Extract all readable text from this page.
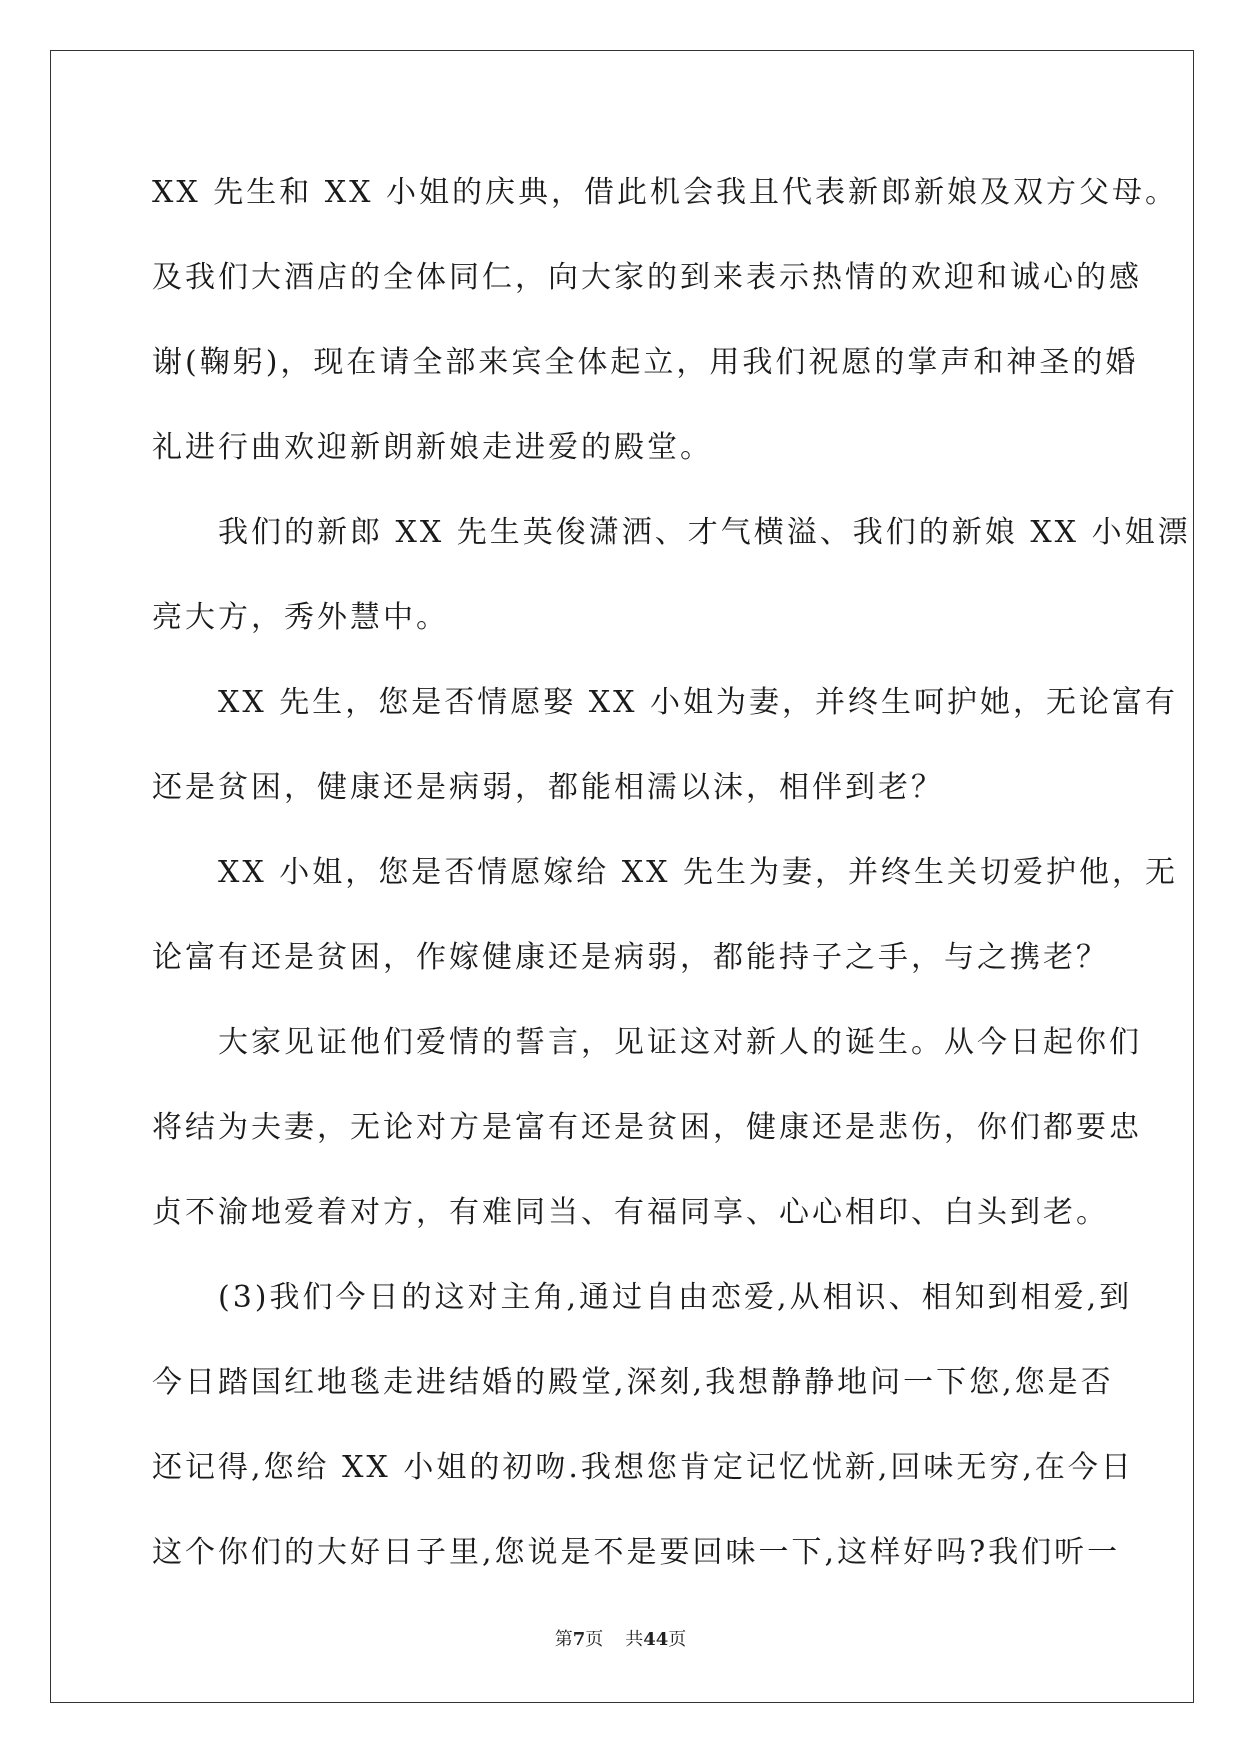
XX 先生和 XX 小姐的庆典，借此机会我且代表新郎新娘及双方父母。
及我们大酒店的全体同仁，向大家的到来表示热情的欢迎和诚心的感
谢(鞠躬)，现在请全部来宾全体起立，用我们祝愿的掌声和神圣的婚
礼进行曲欢迎新朗新娘走进爱的殿堂。

　　我们的新郎 XX 先生英俊潇洒、才气横溢、我们的新娘 XX 小姐漂
亮大方，秀外慧中。

　　XX 先生，您是否情愿娶 XX 小姐为妻，并终生呵护她，无论富有
还是贫困，健康还是病弱，都能相濡以沫，相伴到老？

　　XX 小姐，您是否情愿嫁给 XX 先生为妻，并终生关切爱护他，无
论富有还是贫困，作嫁健康还是病弱，都能持子之手，与之携老？

　　大家见证他们爱情的誓言，见证这对新人的诞生。从今日起你们
将结为夫妻，无论对方是富有还是贫困，健康还是悲伤，你们都要忠
贞不渝地爱着对方，有难同当、有福同享、心心相印、白头到老。

　　(3)我们今日的这对主角,通过自由恋爱,从相识、相知到相爱,到
今日踏国红地毯走进结婚的殿堂,深刻,我想静静地问一下您,您是否
还记得,您给 XX 小姐的初吻.我想您肯定记忆忧新,回味无穷,在今日
这个你们的大好日子里,您说是不是要回味一下,这样好吗?我们听一

第7页 共44页
